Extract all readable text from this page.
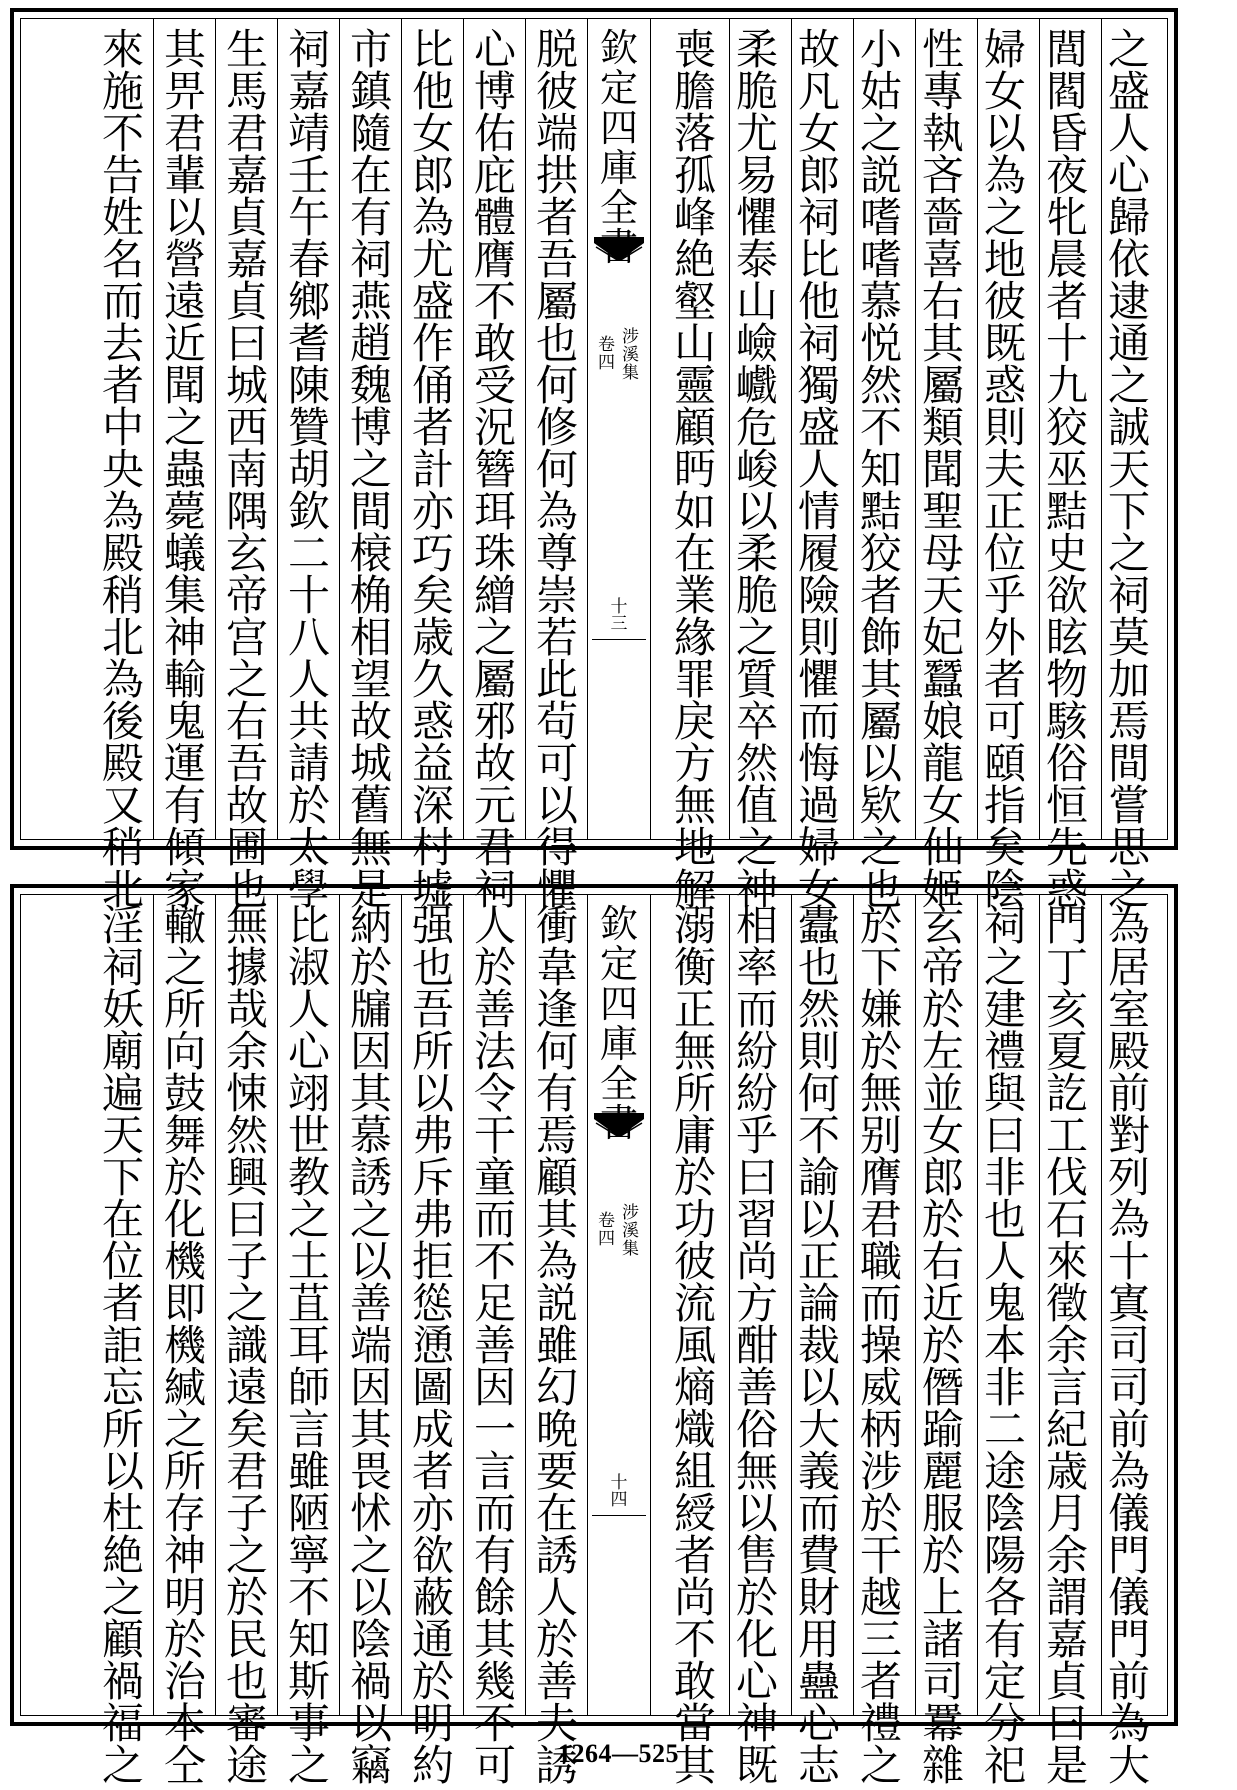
之
盛
人
心
歸
依
逮
通
之
誠
天
下
之
祠
莫
加
焉
間
嘗
思
之
閭
閻
昏
夜
牝
晨
者
十
九
狡
巫
黠
史
欲
眩
物
駭
俗
恒
先
惑
婦
女
以
為
之
地
彼
既
惑
則
夫
正
位
乎
外
者
可
頤
指
矣
陰
性
專
執
吝
嗇
喜
右
其
屬
類
聞
聖
母
天
妃
蠶
娘
龍
女
仙
姬
小
姑
之
説
嗜
嗜
慕
悦
然
不
知
黠
狡
者
飾
其
屬
以
欵
之
也
故
凡
女
郎
祠
比
他
祠
獨
盛
人
情
履
險
則
懼
而
悔
過
婦
女
柔
脆
尤
易
懼
泰
山
嶮
巇
危
峻
以
柔
脆
之
質
卒
然
值
之
神
喪
膽
落
孤
峰
絶
壑
山
靈
顧
眄
如
在
業
緣
罪
戾
方
無
地
解
脱
彼
端
拱
者
吾
屬
也
何
修
何
為
尊
崇
若
此
茍
可
以
得
懼
心
博
佑
庇
體
膺
不
敢
受
況
簪
珥
珠
繒
之
屬
邪
故
元
君
祠
比
他
女
郎
為
尤
盛
作
俑
者
計
亦
巧
矣
歳
久
惑
益
深
村
墟
市
鎮
隨
在
有
祠
燕
趙
魏
博
之
間
榱
桷
相
望
故
城
舊
無
是
祠
嘉
靖
壬
午
春
鄉
耆
陳
贊
胡
欽
二
十
八
人
共
請
於
太
學
生
馬
君
嘉
貞
嘉
貞
曰
城
西
南
隅
玄
帝
宫
之
右
吾
故
圃
也
其
畀
君
輩
以
營
遠
近
聞
之
蟲
薨
蟻
集
神
輸
鬼
運
有
傾
家
來
施
不
告
姓
名
而
去
者
中
央
為
殿
稍
北
為
後
殿
又
稍
北
欽
定
四
庫
全
涉
溪
集
卷
四
十
三
為
居
室
殿
前
對
列
為
十
寘
司
司
前
為
儀
門
儀
門
前
為
大
門
丁
亥
夏
訖
工
伐
石
來
徵
余
言
紀
歳
月
余
謂
嘉
貞
曰
是
祠
之
建
禮
與
曰
非
也
人
鬼
本
非
二
途
陰
陽
各
有
定
分
祀
玄
帝
於
左
並
女
郎
於
右
近
於
僭
踰
麗
服
於
上
諸
司
羃
雜
於
下
嫌
於
無
别
膺
君
職
而
操
威
柄
涉
於
干
越
三
者
禮
之
蠹
也
然
則
何
不
諭
以
正
論
裁
以
大
義
而
費
財
用
蠱
心
志
相
率
而
紛
紛
乎
曰
習
尚
方
酣
善
俗
無
以
售
於
化
心
神
既
溺
衡
正
無
所
庸
於
功
彼
流
風
熵
熾
組
綬
者
尚
不
敢
當
其
衝
韋
逢
何
有
焉
顧
其
為
説
雖
幻
晩
要
在
誘
人
於
善
夫
誘
人
於
善
法
令
干
童
而
不
足
善
因
一
言
而
有
餘
其
幾
不
可
强
也
吾
所
以
弗
斥
弗
拒
慫
慂
圖
成
者
亦
欲
蔽
通
於
明
約
納
於
牖
因
其
慕
誘
之
以
善
端
因
其
畏
怵
之
以
陰
禍
以
竊
比
淑
人
心
翊
世
教
之
土
苴
耳
師
言
雖
陋
寧
不
知
斯
事
之
無
據
哉
余
悚
然
興
曰
子
之
識
遠
矣
君
子
之
於
民
也
審
途
轍
之
所
向
鼓
舞
於
化
機
即
機
緘
之
所
存
神
明
於
治
本
仝
淫
祠
妖
廟
遍
天
下
在
位
者
詎
忘
所
以
杜
絶
之
顧
禍
福
之
欽
定
四
庫
全
涉
溪
集
卷
四
十
四
1264—525
